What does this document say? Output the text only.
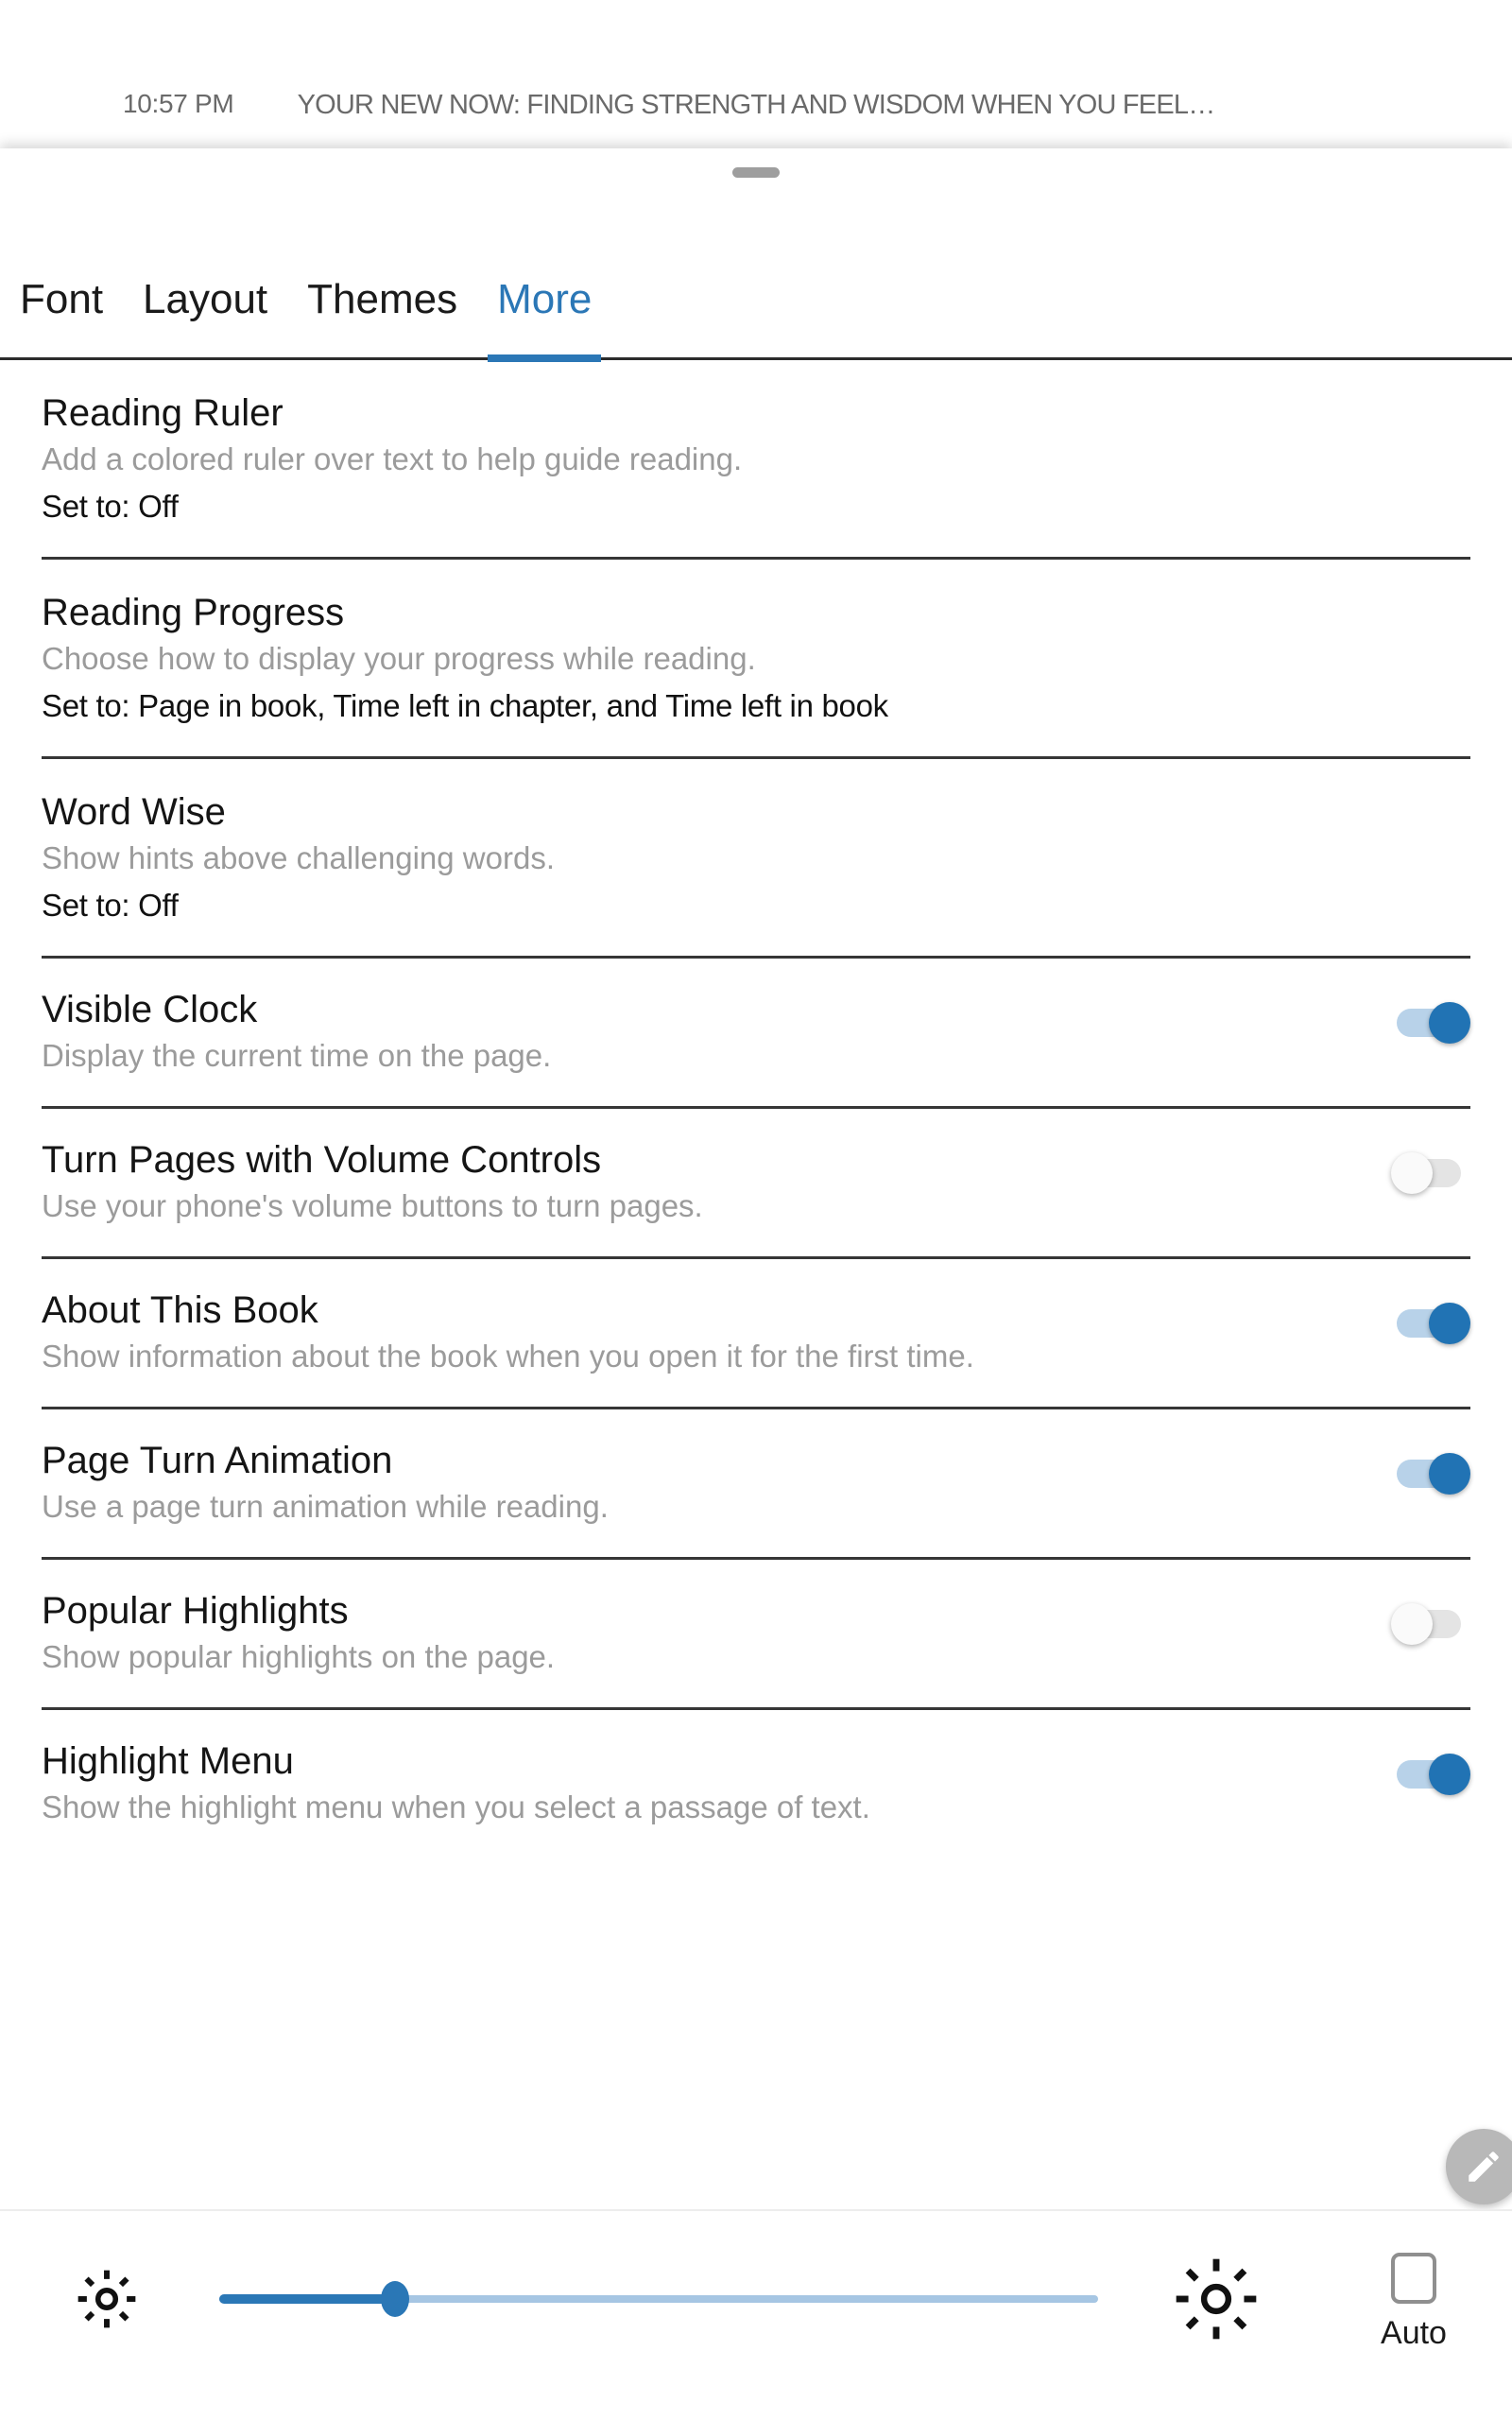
10:57 PM	YOUR NEW NOW: FINDING STRENGTH AND WISDOM WHEN YOU FEEL…
Font Layout Themes More
Reading Ruler
Add a colored ruler over text to help guide reading.
Set to: Off
Reading Progress
Choose how to display your progress while reading.
Set to: Page in book, Time left in chapter, and Time left in book
Word Wise
Show hints above challenging words.
Set to: Off
Visible Clock
Display the current time on the page.
Turn Pages with Volume Controls
Use your phone's volume buttons to turn pages.
About This Book
Show information about the book when you open it for the first time.
Page Turn Animation
Use a page turn animation while reading.
Popular Highlights
Show popular highlights on the page.
Highlight Menu
Show the highlight menu when you select a passage of text.
Auto
